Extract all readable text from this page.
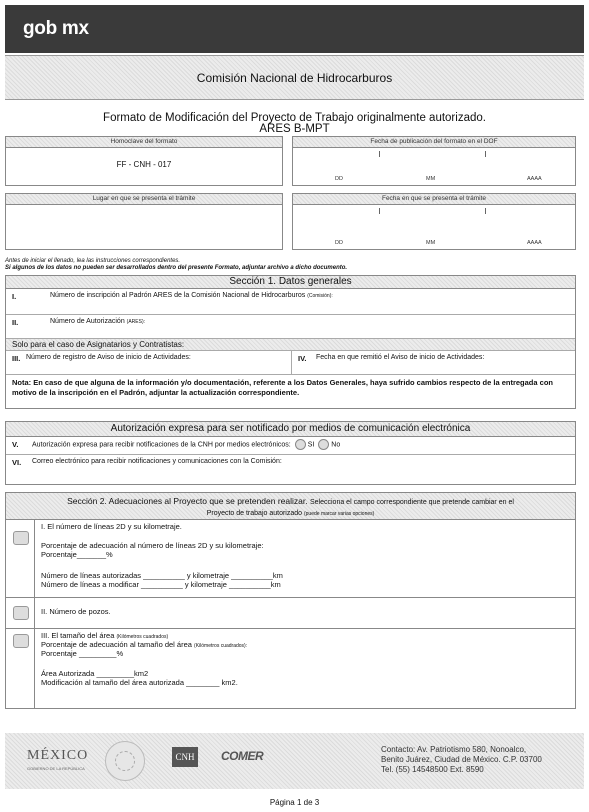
gob mx
Comisión Nacional de Hidrocarburos
Formato de Modificación del Proyecto de Trabajo originalmente autorizado.
ARES B-MPT
Homoclave del formato
FF - CNH - 017
Fecha de publicación del formato en el DOF
DD	MM	AAAA
Lugar en que se presenta el trámite	Fecha en que se presenta el trámite
DD	MM	AAAA
Antes de iniciar el llenado, lea las instrucciones correspondientes.
Si algunos de los datos no pueden ser desarrollados dentro del presente Formato, adjuntar archivo a dicho documento.
Sección 1. Datos generales
I.	Número de inscripción al Padrón ARES de la Comisión Nacional de Hidrocarburos (Comisión):
II.	Número de Autorización (ARES):
Solo para el caso de Asignatarios y Contratistas:
III. Número de registro de Aviso de inicio de Actividades:	IV. Fecha en que remitió el Aviso de inicio de Actividades:
Nota: En caso de que alguna de la información y/o documentación, referente a los Datos Generales, haya sufrido cambios respecto de la entregada con motivo de la inscripción en el Padrón, adjuntar la actualización correspondiente.
Autorización expresa para ser notificado por medios de comunicación electrónica
V. Autorización expresa para recibir notificaciones de la CNH por medios electrónicos: SI No
VI. Correo electrónico para recibir notificaciones y comunicaciones con la Comisión:
Sección 2. Adecuaciones al Proyecto que se pretenden realizar. Selecciona el campo correspondiente que pretende cambiar en el
Proyecto de trabajo autorizado (puede marcar varias opciones)
I. El número de líneas 2D y su kilometraje.
Porcentaje de adecuación al número de líneas 2D y su kilometraje:
Porcentaje_______%
Número de líneas autorizadas __________ y kilometraje __________km
Número de líneas a modificar __________ y kilometraje __________km
II. Número de pozos.
III. El tamaño del área (Kilómetros cuadrados)
Porcentaje de adecuación al tamaño del área (Kilómetros cuadrados):
Porcentaje _________%
Área Autorizada _________km2
Modificación al tamaño del área autorizada ________ km2.
MÉXICO
GOBIERNO DE LA REPÚBLICA
CNH COMER	Contacto: Av. Patriotismo 580, Nonoalco,
Benito Juárez, Ciudad de México. C.P. 03700
Tel. (55) 14548500 Ext. 8590
Página 1 de 3
